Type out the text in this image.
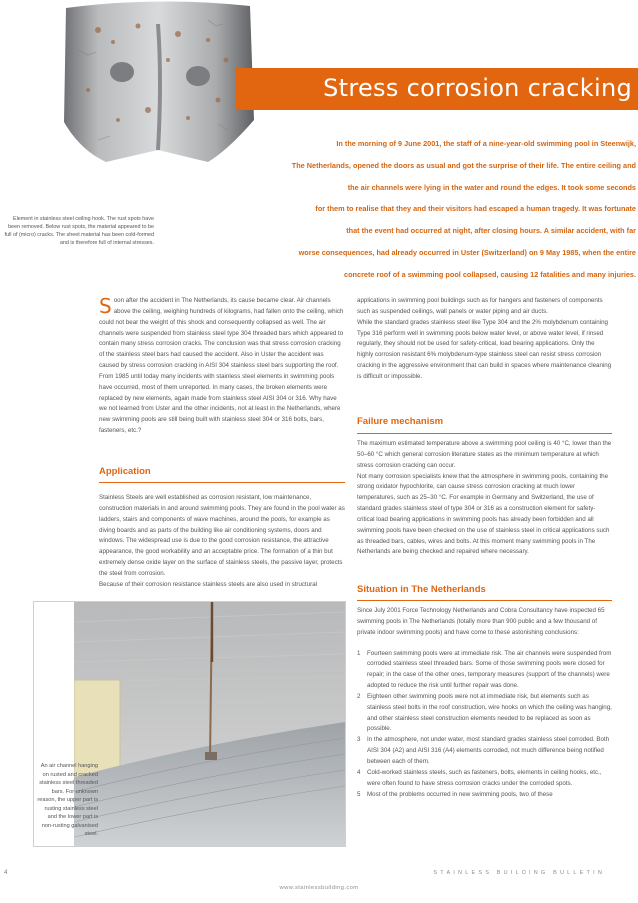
Element in stainless steel ceiling hook. The rust spots have been removed. Below rust spots, the material appeared to be full of (micro) cracks. The sheet material has been cold-formed and is therefore full of internal stresses.
Stress corrosion cracking

In the morning of 9 June 2001, the staff of a nine-year-old swimming pool in Steenwijk,

The Netherlands, opened the doors as usual and got the surprise of their life. The entire ceiling and

the air channels were lying in the water and round the edges. It took some seconds

for them to realise that they and their visitors had escaped a human tragedy. It was fortunate

that the event had occurred at night, after closing hours. A similar accident, with far

worse consequences, had already occurred in Uster (Switzerland) on 9 May 1985, when the entire

concrete roof of a swimming pool collapsed, causing 12 fatalities and many injuries.

Soon after the accident in The Netherlands, its cause became clear. Air channels above the ceiling, weighing hundreds of kilograms, had fallen onto the ceiling, which could not bear the weight of this shock and consequently collapsed as well. The air channels were suspended from stainless steel type 304 threaded bars which appeared to contain many stress corrosion cracks. The conclusion was that stress corrosion cracking of the stainless steel bars had caused the accident. Also in Uster the accident was caused by stress corrosion cracking in AISI 304 stainless steel bars supporting the roof.

From 1985 until today many incidents with stainless steel elements in swimming pools have occurred, most of them unreported. In many cases, the broken elements were replaced by new elements, again made from stainless steel AISI 304 or 316. Why have we not learned from Uster and the other incidents, not at least in the Netherlands, where new swimming pools are still being built with stainless steel 304 or 316 bolts, bars, fasteners, etc.?

Application

Stainless Steels are well established as corrosion resistant, low maintenance, construction materials in and around swimming pools. They are found in the pool water as ladders, stairs and components of wave machines, around the pools, for example as diving boards and as parts of the building like air conditioning systems, doors and windows. The widespread use is due to the good corrosion resistance, the attractive appearance, the good workability and an acceptable price. The formation of a thin but extremely dense oxide layer on the surface of stainless steels, the passive layer, protects the steel from corrosion.

Because of their corrosion resistance stainless steels are also used in structural

applications in swimming pool buildings such as for hangers and fasteners of components such as suspended ceilings, wall panels or water piping and air ducts.

While the standard grades stainless steel like Type 304 and the 2% molybdenum containing Type 316 perform well in swimming pools below water level, or above water level, if rinsed regularly, they should not be used for safety-critical, load bearing applications. Only the highly corrosion resistant 6% molybdenum-type stainless steel can resist stress corrosion cracking in the aggressive environment that can build in spaces where maintenance cleaning is difficult or impossible.

Failure mechanism

The maximum estimated temperature above a swimming pool ceiling is 40 °C, lower than the 50–60 °C which general corrosion literature states as the minimum temperature at which stress corrosion cracking can occur.

Not many corrosion specialists knew that the atmosphere in swimming pools, containing the strong oxidator hypochlorite, can cause stress corrosion cracking at much lower temperatures, such as 25–30 °C. For example in Germany and Switzerland, the use of standard grades stainless steel of type 304 or 316 as a construction element for safety-critical load bearing applications in swimming pools has already been forbidden and all swimming pools have been checked on the use of stainless steel in critical applications such as threaded bars, cables, wires and bolts. At this moment many swimming pools in The Netherlands are being checked and repaired where necessary.

Situation in The Netherlands

Since July 2001 Force Technology Netherlands and Cobra Consultancy have inspected 65 swimming pools in The Netherlands (totally more than 900 public and a few thousand of private indoor swimming pools) and have come to these astonishing conclusions:

1 Fourteen swimming pools were at immediate risk. The air channels were suspended from corroded stainless steel threaded bars. Some of those swimming pools were closed for repair; in the case of the other ones, temporary measures (support of the channels) were adopted to reduce the risk until further repair was done.
2 Eighteen other swimming pools were not at immediate risk, but elements such as stainless steel bolts in the roof construction, wire hooks on which the ceiling was hanging, and other stainless steel construction elements needed to be replaced as soon as possible.
3 In the atmosphere, not under water, most standard grades stainless steel corroded. Both AISI 304 (A2) and AISI 316 (A4) elements corroded, not much difference being notified between each of them.
4 Cold-worked stainless steels, such as fasteners, bolts, elements in ceiling hooks, etc., were often found to have stress corrosion cracks under the corroded spots.
5 Most of the problems occurred in new swimming pools, two of these
An air channel hanging on rusted and cracked stainless steel threaded bars. For unknown reason, the upper part is rusting stainless steel and the lower part is non-rusting galvanised steel.
4	STAINLESS BUILDING BULLETIN
www.stainlessbuilding.com
